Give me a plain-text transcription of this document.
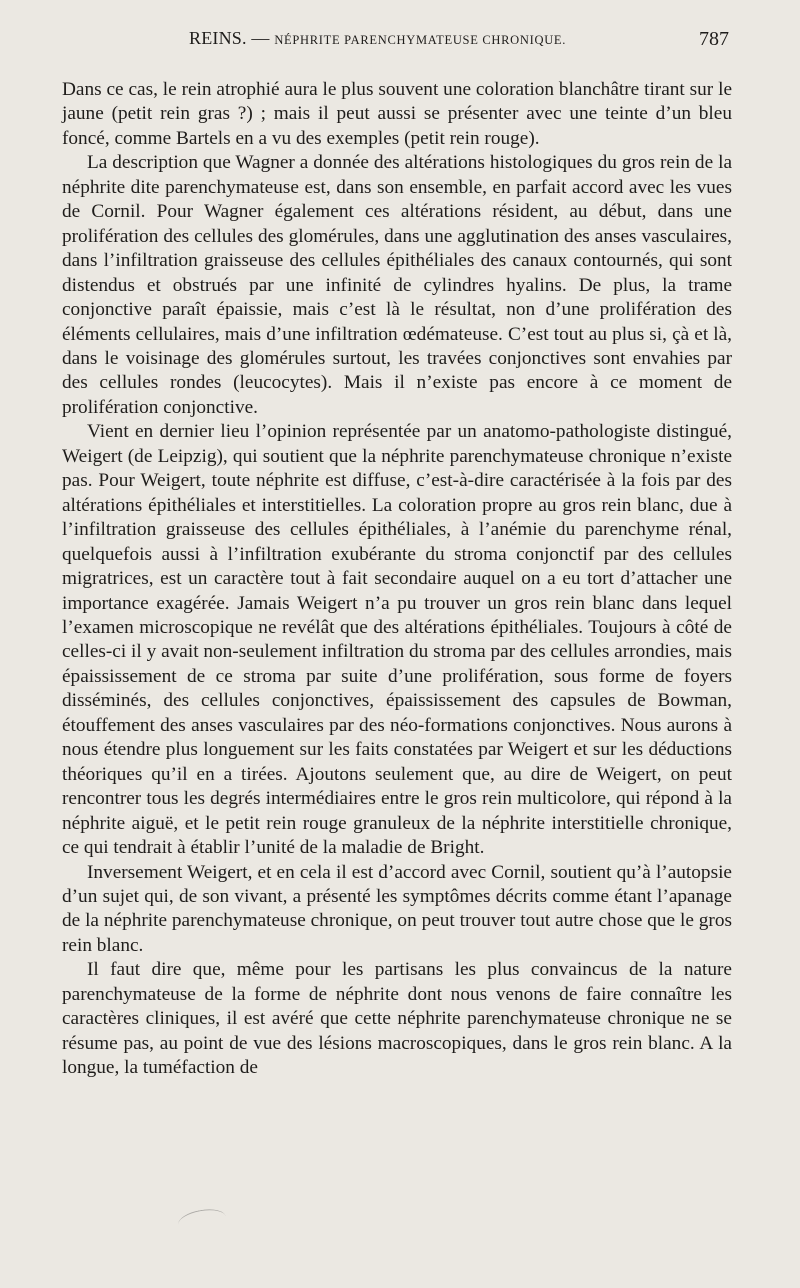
REINS. — NÉPHRITE PARENCHYMATEUSE CHRONIQUE.	787

Dans ce cas, le rein atrophié aura le plus souvent une coloration blanchâtre tirant sur le jaune (petit rein gras ?) ; mais il peut aussi se présenter avec une teinte d’un bleu foncé, comme Bartels en a vu des exemples (petit rein rouge).

La description que Wagner a donnée des altérations histologiques du gros rein de la néphrite dite parenchymateuse est, dans son ensemble, en parfait accord avec les vues de Cornil. Pour Wagner également ces altérations résident, au début, dans une prolifération des cellules des glomérules, dans une agglutination des anses vasculaires, dans l’infiltration graisseuse des cellules épithéliales des canaux contournés, qui sont distendus et obstrués par une infinité de cylindres hyalins. De plus, la trame conjonctive paraît épaissie, mais c’est là le résultat, non d’une prolifération des éléments cellulaires, mais d’une infiltration œdémateuse. C’est tout au plus si, çà et là, dans le voisinage des glomérules surtout, les travées conjonctives sont envahies par des cellules rondes (leucocytes). Mais il n’existe pas encore à ce moment de prolifération conjonctive.

Vient en dernier lieu l’opinion représentée par un anatomo-pathologiste distingué, Weigert (de Leipzig), qui soutient que la néphrite parenchymateuse chronique n’existe pas. Pour Weigert, toute néphrite est diffuse, c’est-à-dire caractérisée à la fois par des altérations épithéliales et interstitielles. La coloration propre au gros rein blanc, due à l’infiltration graisseuse des cellules épithéliales, à l’anémie du parenchyme rénal, quelquefois aussi à l’infiltration exubérante du stroma conjonctif par des cellules migratrices, est un caractère tout à fait secondaire auquel on a eu tort d’attacher une importance exagérée. Jamais Weigert n’a pu trouver un gros rein blanc dans lequel l’examen microscopique ne revélât que des altérations épithéliales. Toujours à côté de celles-ci il y avait non-seulement infiltration du stroma par des cellules arrondies, mais épaississement de ce stroma par suite d’une prolifération, sous forme de foyers disséminés, des cellules conjonctives, épaississement des capsules de Bowman, étouffement des anses vasculaires par des néo-formations conjonctives. Nous aurons à nous étendre plus longuement sur les faits constatées par Weigert et sur les déductions théoriques qu’il en a tirées. Ajoutons seulement que, au dire de Weigert, on peut rencontrer tous les degrés intermédiaires entre le gros rein multicolore, qui répond à la néphrite aiguë, et le petit rein rouge granuleux de la néphrite interstitielle chronique, ce qui tendrait à établir l’unité de la maladie de Bright.

Inversement Weigert, et en cela il est d’accord avec Cornil, soutient qu’à l’autopsie d’un sujet qui, de son vivant, a présenté les symptômes décrits comme étant l’apanage de la néphrite parenchymateuse chronique, on peut trouver tout autre chose que le gros rein blanc.

Il faut dire que, même pour les partisans les plus convaincus de la nature parenchymateuse de la forme de néphrite dont nous venons de faire connaître les caractères cliniques, il est avéré que cette néphrite parenchymateuse chronique ne se résume pas, au point de vue des lésions macroscopiques, dans le gros rein blanc. A la longue, la tuméfaction de
